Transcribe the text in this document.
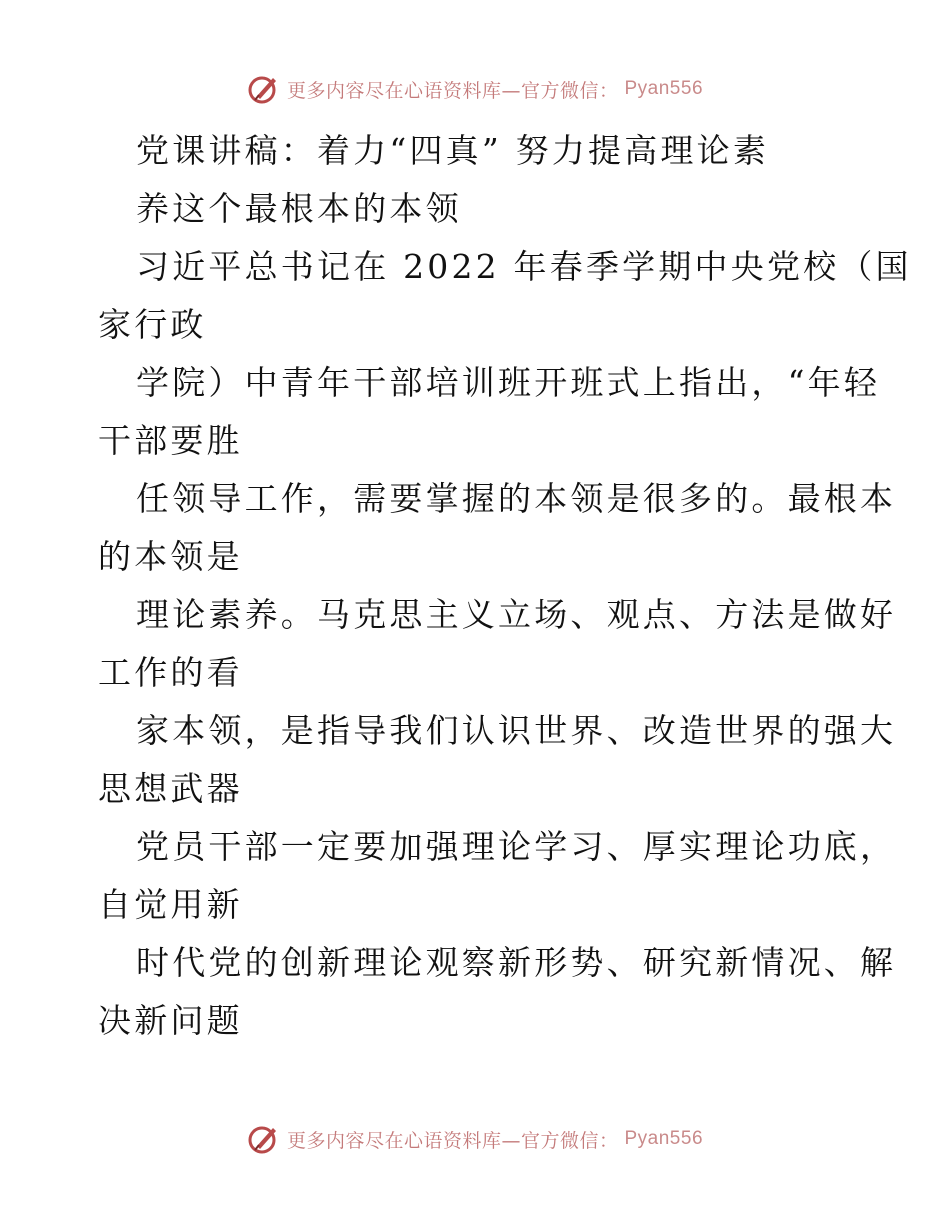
更多内容尽在心语资料库—官方微信： Pyan556
党课讲稿：着力“四真” 努力提高理论素
养这个最根本的本领
习近平总书记在 2022 年春季学期中央党校（国
家行政
学院）中青年干部培训班开班式上指出，“年轻
干部要胜
任领导工作，需要掌握的本领是很多的。最根本
的本领是
理论素养。马克思主义立场、观点、方法是做好
工作的看
家本领，是指导我们认识世界、改造世界的强大
思想武器
党员干部一定要加强理论学习、厚实理论功底，
自觉用新
时代党的创新理论观察新形势、研究新情况、解
决新问题
更多内容尽在心语资料库—官方微信： Pyan556
